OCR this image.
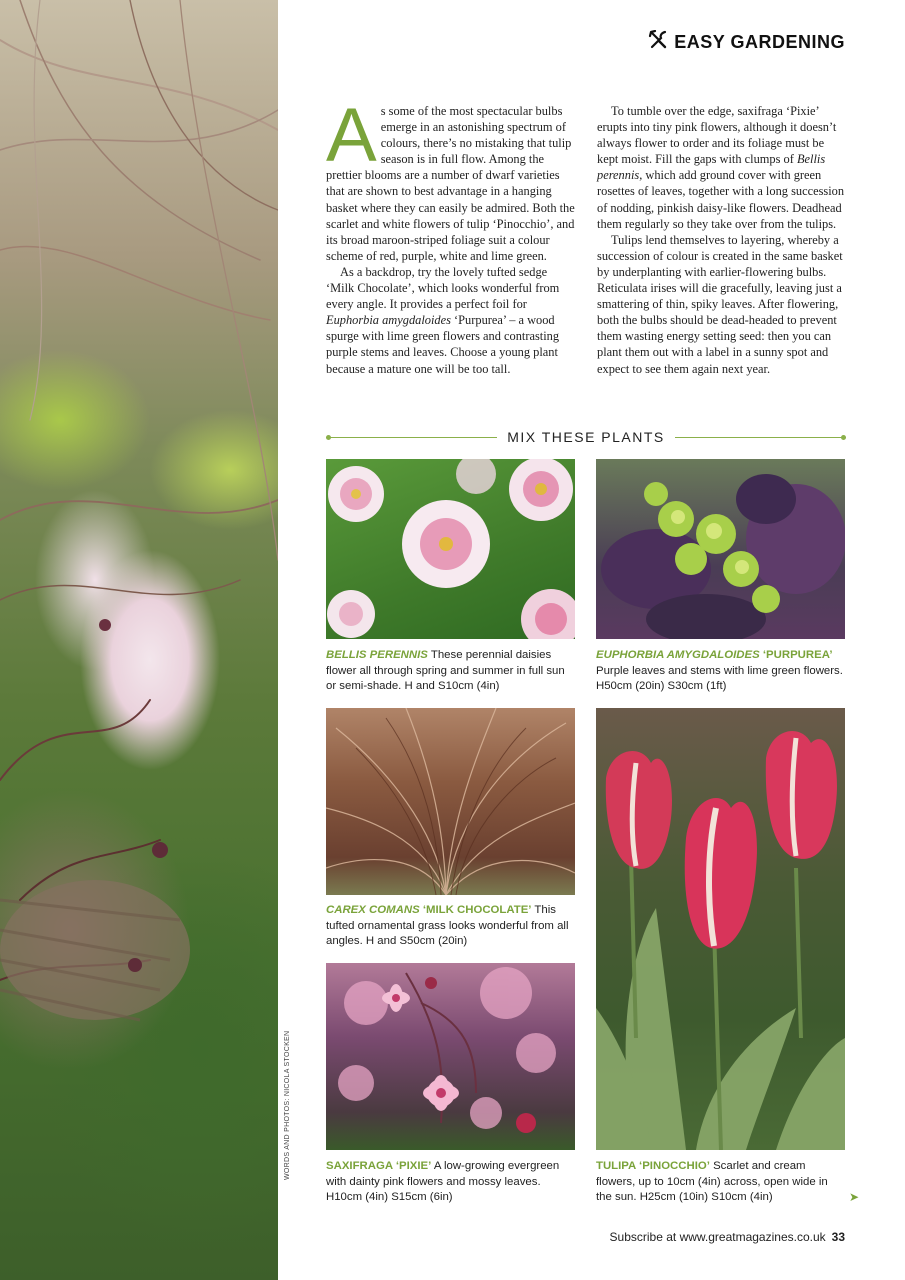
WORDS AND PHOTOS: NICOLA STOCKEN
EASY GARDENING

As some of the most spectacular bulbs emerge in an astonishing spectrum of colours, there’s no mistaking that tulip season is in full flow. Among the prettier blooms are a number of dwarf varieties that are shown to best advantage in a hanging basket where they can easily be admired. Both the scarlet and white flowers of tulip ‘Pinocchio’, and its broad maroon-striped foliage suit a colour scheme of red, purple, white and lime green.

As a backdrop, try the lovely tufted sedge ‘Milk Chocolate’, which looks wonderful from every angle. It provides a perfect foil for Euphorbia amygdaloides ‘Purpurea’ – a wood spurge with lime green flowers and contrasting purple stems and leaves. Choose a young plant because a mature one will be too tall.

To tumble over the edge, saxifraga ‘Pixie’ erupts into tiny pink flowers, although it doesn’t always flower to order and its foliage must be kept moist. Fill the gaps with clumps of Bellis perennis, which add ground cover with green rosettes of leaves, together with a long succession of nodding, pinkish daisy-like flowers. Deadhead them regularly so they take over from the tulips.

Tulips lend themselves to layering, whereby a succession of colour is created in the same basket by underplanting with earlier-flowering bulbs. Reticulata irises will die gracefully, leaving just a smattering of thin, spiky leaves. After flowering, both the bulbs should be dead-headed to prevent them wasting energy setting seed: then you can plant them out with a label in a sunny spot and expect to see them again next year.

MIX THESE PLANTS
BELLIS PERENNIS These perennial daisies flower all through spring and summer in full sun or semi-shade. H and S10cm (4in)
EUPHORBIA AMYGDALOIDES ‘PURPUREA’ Purple leaves and stems with lime green flowers. H50cm (20in) S30cm (1ft)
CAREX COMANS ‘MILK CHOCOLATE’ This tufted ornamental grass looks wonderful from all angles. H and S50cm (20in)
SAXIFRAGA ‘PIXIE’ A low-growing evergreen with dainty pink flowers and mossy leaves. H10cm (4in) S15cm (6in)
TULIPA ‘PINOCCHIO’ Scarlet and cream flowers, up to 10cm (4in) across, open wide in the sun. H25cm (10in) S10cm (4in)	➤
Subscribe at www.greatmagazines.co.uk 33
